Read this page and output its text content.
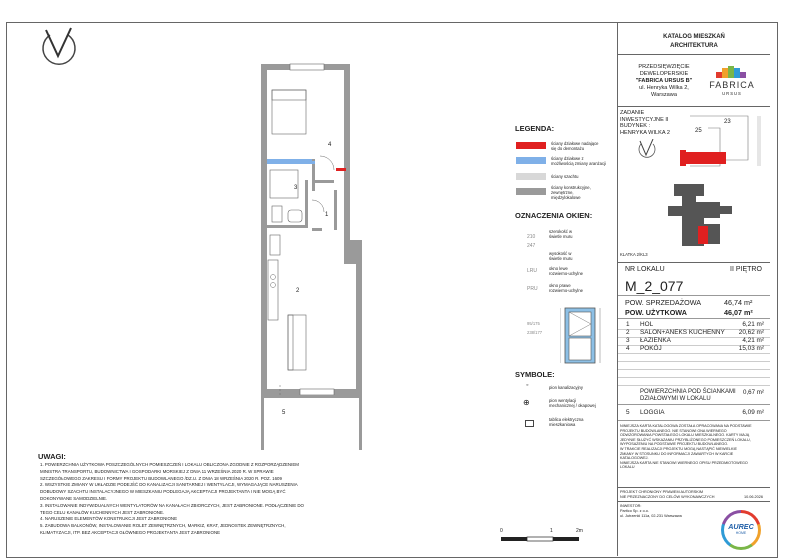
4
3
1
2
5
LEGENDA:
ściany działowe nadające
się do demontażu
ściany działowe z
możliwością zmiany aranżacji
ściany szachtu
ściany konstrukcyjne,
zewnętrzne,
międzylokalowe
OZNACZENIA OKIEN:
210
szerokość w
świetle muru
247
wysokość w
świetle muru
LRU	okno lewe
rozwierno-uchylne
PRU
okno prawe
rozwierno-uchylne
95/175
238/177
SYMBOLE:
◦	pion kanalizacyjny
⊕	pion wentylacji
mechanicznej / okapowej
tablica elektryczna
mieszkaniowa
UWAGI:
1. POWIERZCHNIA UŻYTKOWA POSZCZEGÓLNYCH POMIESZCZEŃ I LOKALU OBLICZONA ZGODNIE Z ROZPORZĄDZENIEM
MINISTRA TRANSPORTU, BUDOWNICTWA I GOSPODARKI MORSKIEJ Z DNIA 11 WRZEŚNIA 2020 R. W SPRAWIE
SZCZEGÓŁOWEGO ZAKRESU I FORMY PROJEKTU BUDOWLANEGO /DZ.U. Z DNIA 18 WRZEŚNIA 2020 R. POZ. 1609
2. WSZYSTKIE ZMIANY W UKŁADZIE PODEJŚĆ DO KANALIZACJI SANITARNEJ I WENTYLACJI, WYMAGAJĄCE NARUSZENIA
DOBUDOWY SZACHTU INSTALACYJNEGO W MIESZKANIU PODLEGAJĄ AKCEPTACJI PROJEKTANTA I NIE MOGĄ BYĆ
DOKONYWANE SAMODZIELNIE.
3. INSTALOWANIE INDYWIDUALNYCH WENTYLATORÓW NA KANAŁACH ZBIORCZYCH, JEST ZABRONIONE. PODŁĄCZENIE DO
TEGO CELU KANAŁÓW KUCHENNYCH JEST ZABRONIONE.
4. NARUSZENIE ELEMENTÓW KONSTRUKCJI JEST ZABRONIONE
5. ZABUDOWA BALKONÓW, INSTALOWANIE ROLET ZEWNĘTRZNYCH, MARKIZ, KRAT, JEDNOSTEK ZEWNĘTRZNYCH,
KLIMATYZACJI, ITP. BEZ AKCEPTACJI GŁÓWNEGO PROJEKTANTA JEST ZABRONIONE	0	1	2m
KATALOG MIESZKAŃ
ARCHITEKTURA
PRZEDSIĘWZIĘCIE
DEWELOPERSKIE
"FABRICA URSUS B"
ul. Henryka Wilka 2,
Warszawa
FABRICA
URSUS
ZADANIE
INWESTYCYJNE II
BUDYNEK :
HENRYKA WILKA 2
23
25
KLATKA 2/KL3
NR LOKALU	II PIĘTRO
M_2_077
POW. SPRZEDAŻOWA	46,74 m²
POW. UŻYTKOWA	46,07 m²
1 HOL	6,21 m²
2 SALON+ANEKS KUCHENNY 20,62 m²
3 ŁAZIENKA	4,21 m²
4 POKÓJ	15,03 m²
POWIERZCHNIA POD ŚCIANKAMI
DZIAŁOWYMI W LOKALU
0,67 m²
5 LOGGIA	6,09 m²
NINIEJSZA KARTA KATALOGOWA ZOSTAŁA OPRACOWANA NA PODSTAWIE
PROJEKTU BUDOWLANEGO. NIE STANOWI ONA WIERNEGO
ODWZOROWANIA POWSTAŁEGO LOKALU MIESZKALNEGO. KARTY MAJĄ
JEDYNIE SŁUŻYĆ WSKAZANIU PRZYBLIŻONEGO POMIESZCZEŃ LOKALU,
WYPOSAŻENIU NA PODSTAWIE PROJEKTU BUDOWLANEGO.
W TRAKCIE REALIZACJI PROJEKTU MOGĄ NASTĄPIĆ NIEWIELKIE
ZMIANY W STOSUNKU DO INFORMACJI ZAWARTYCH W KARCIE
KATALOGOWEJ.
NINIEJSZA KARTA NIE STANOWI WIERNEGO OPISU PRZEDMIOTOWEGO
LOKALU
PROJEKT CHRONIONY PRAWEM AUTORSKIM
NIE PRZEZNACZONY DO CELÓW WYKONAWCZYCH	10.06.2026
INWESTOR:
Partico Sp. z o.o.
ul. Jutrzenki 111a, 02-231 Warszawa
AUREC
HOME
